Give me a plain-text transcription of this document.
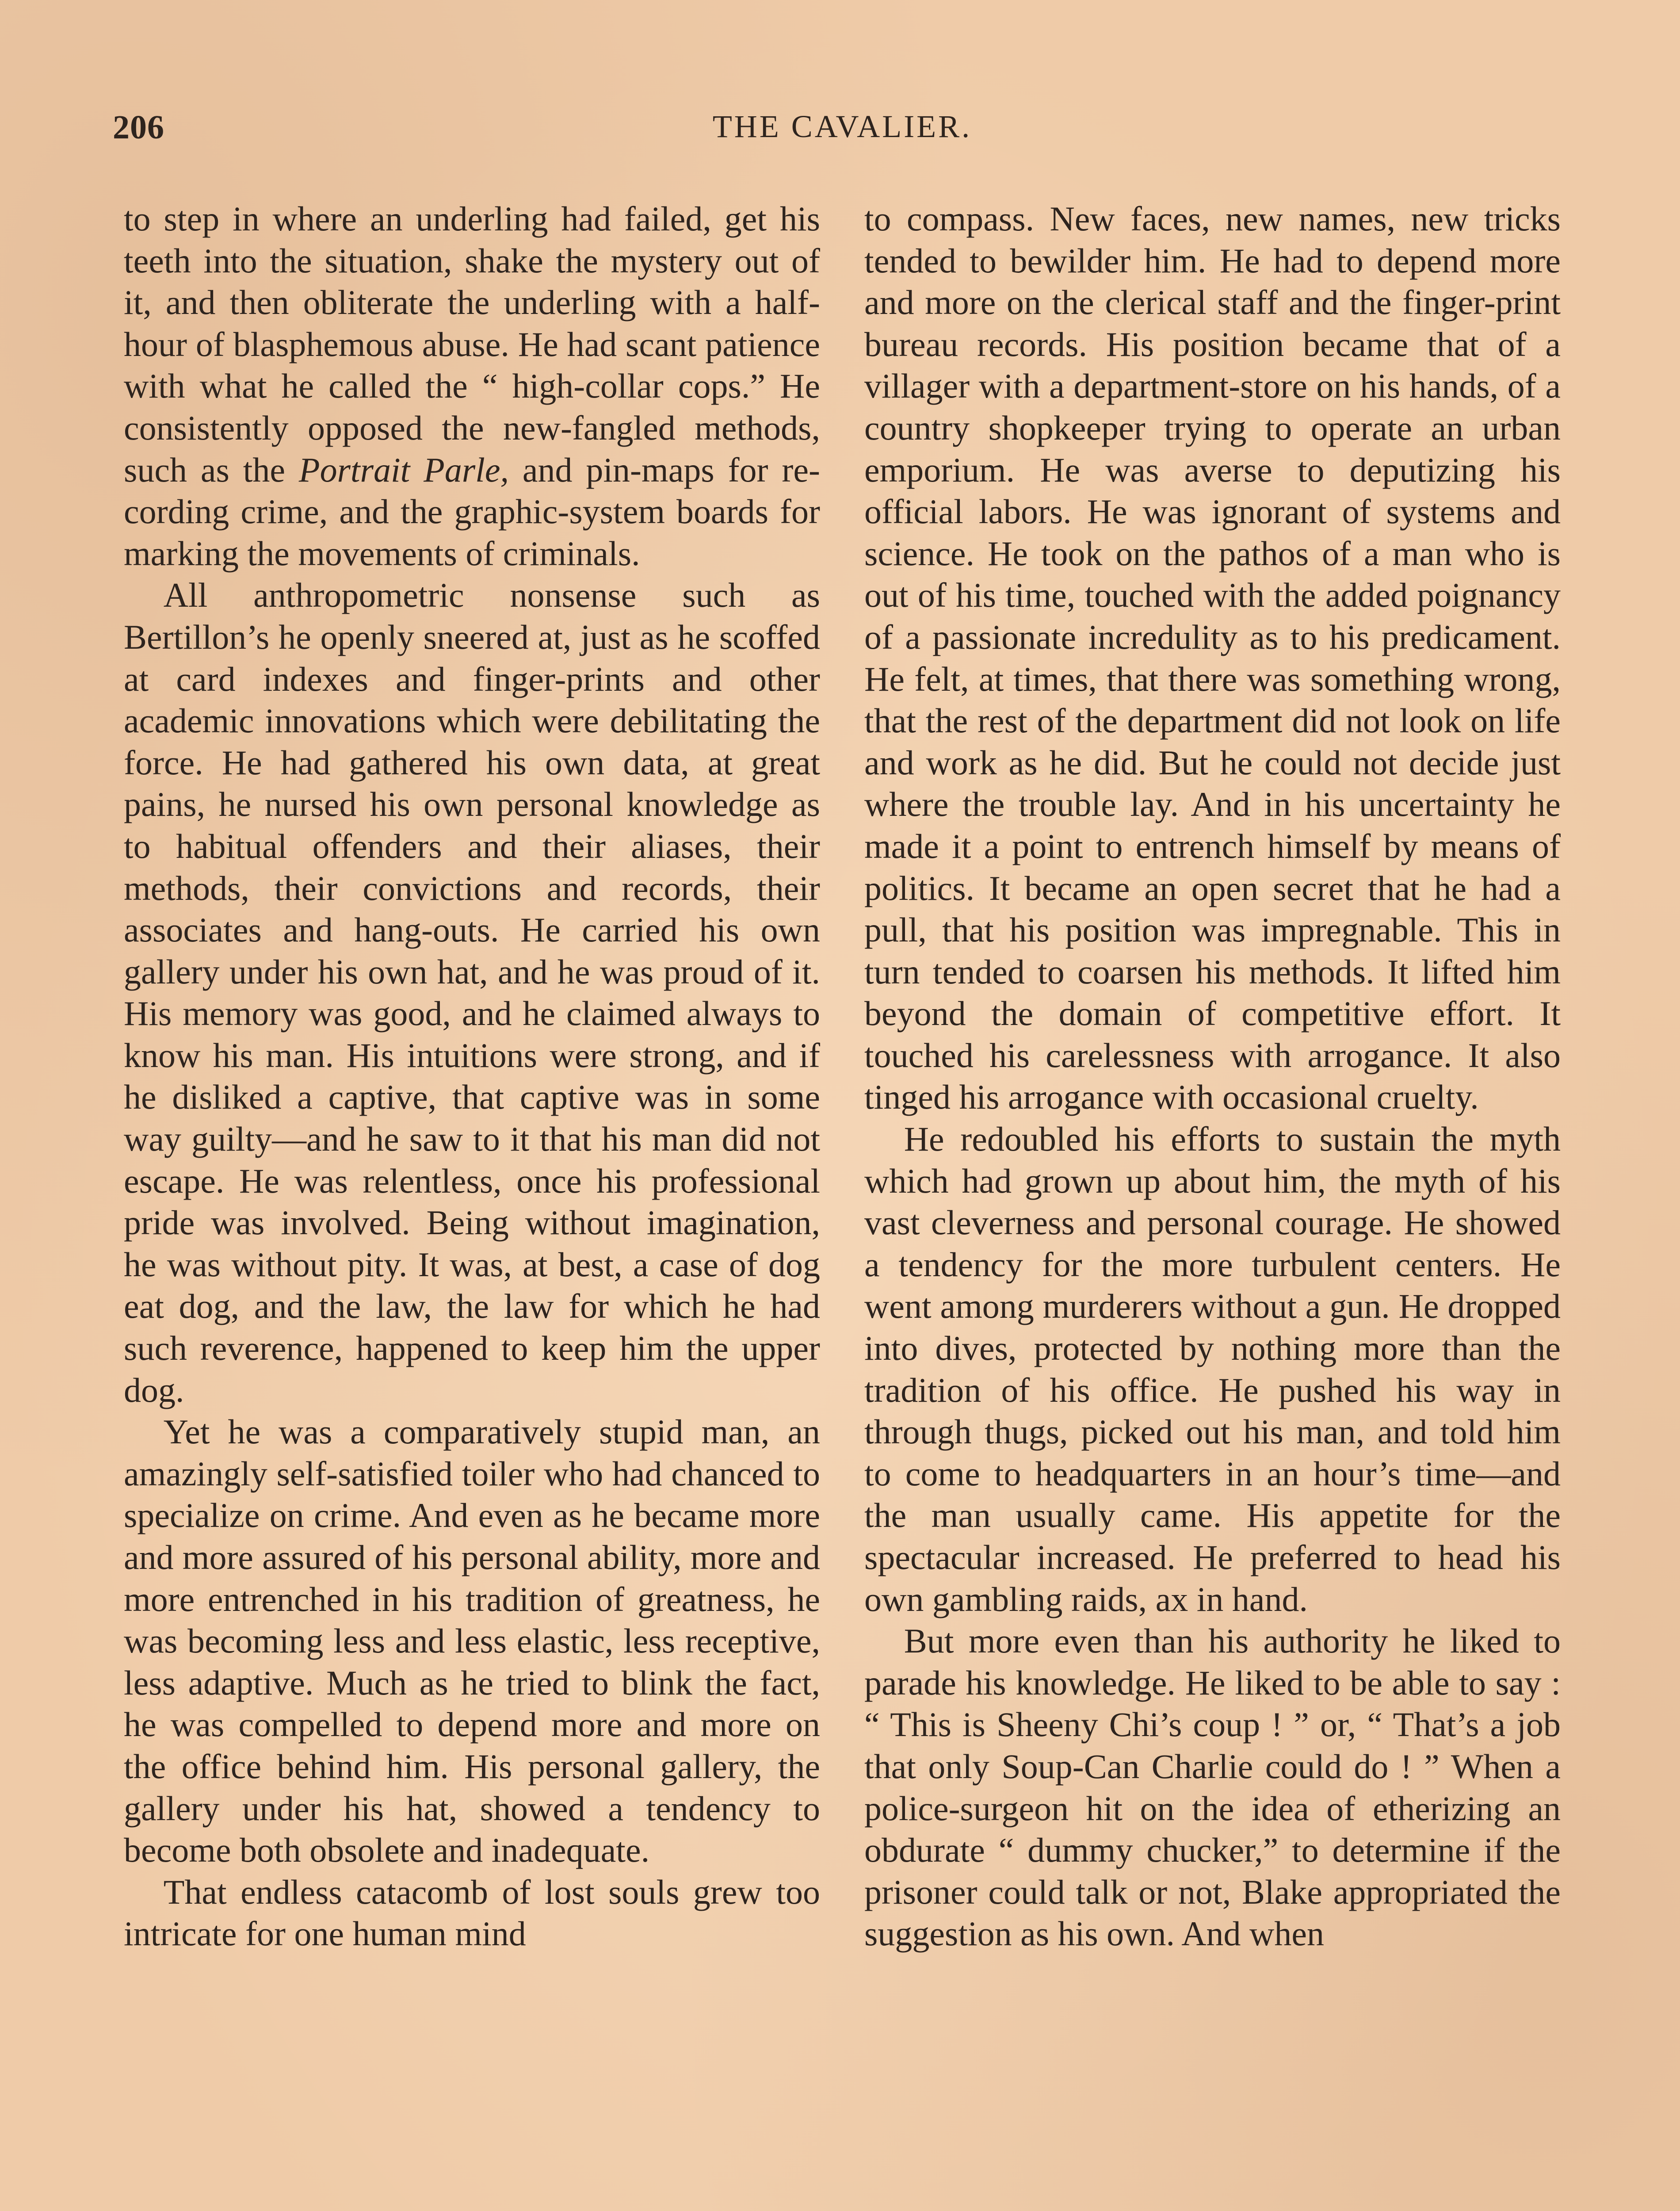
206	THE CAVALIER.

to step in where an underling had failed, get his teeth into the situation, shake the mystery out of it, and then obliterate the underling with a half-hour of blasphemous abuse. He had scant patience with what he called the “ high-collar cops.” He consistently opposed the new-fangled methods, such as the Portrait Parle, and pin-maps for recording crime, and the graphic-system boards for marking the movements of criminals.

All anthropometric nonsense such as Bertillon’s he openly sneered at, just as he scoffed at card indexes and finger-prints and other academic innovations which were debilitating the force. He had gathered his own data, at great pains, he nursed his own personal knowledge as to habitual offenders and their aliases, their methods, their convictions and records, their associates and hang-outs. He carried his own gallery under his own hat, and he was proud of it. His memory was good, and he claimed always to know his man. His intuitions were strong, and if he disliked a captive, that captive was in some way guilty—and he saw to it that his man did not escape. He was relentless, once his professional pride was involved. Being without imagination, he was without pity. It was, at best, a case of dog eat dog, and the law, the law for which he had such reverence, happened to keep him the upper dog.

Yet he was a comparatively stupid man, an amazingly self-satisfied toiler who had chanced to specialize on crime. And even as he became more and more assured of his personal ability, more and more entrenched in his tradition of greatness, he was becoming less and less elastic, less receptive, less adaptive. Much as he tried to blink the fact, he was compelled to depend more and more on the office behind him. His personal gallery, the gallery under his hat, showed a tendency to become both obsolete and inadequate.

That endless catacomb of lost souls grew too intricate for one human mind

to compass. New faces, new names, new tricks tended to bewilder him. He had to depend more and more on the clerical staff and the finger-print bureau records. His position became that of a villager with a department-store on his hands, of a country shopkeeper trying to operate an urban emporium. He was averse to deputizing his official labors. He was ignorant of systems and science. He took on the pathos of a man who is out of his time, touched with the added poignancy of a passionate incredulity as to his predicament. He felt, at times, that there was something wrong, that the rest of the department did not look on life and work as he did. But he could not decide just where the trouble lay. And in his uncertainty he made it a point to entrench himself by means of politics. It became an open secret that he had a pull, that his position was impregnable. This in turn tended to coarsen his methods. It lifted him beyond the domain of competitive effort. It touched his carelessness with arrogance. It also tinged his arrogance with occasional cruelty.

He redoubled his efforts to sustain the myth which had grown up about him, the myth of his vast cleverness and personal courage. He showed a tendency for the more turbulent centers. He went among murderers without a gun. He dropped into dives, protected by nothing more than the tradition of his office. He pushed his way in through thugs, picked out his man, and told him to come to headquarters in an hour’s time—and the man usually came. His appetite for the spectacular increased. He preferred to head his own gambling raids, ax in hand.

But more even than his authority he liked to parade his knowledge. He liked to be able to say : “ This is Sheeny Chi’s coup ! ” or, “ That’s a job that only Soup-Can Charlie could do ! ” When a police-surgeon hit on the idea of etherizing an obdurate “ dummy chucker,” to determine if the prisoner could talk or not, Blake appropriated the suggestion as his own. And when
